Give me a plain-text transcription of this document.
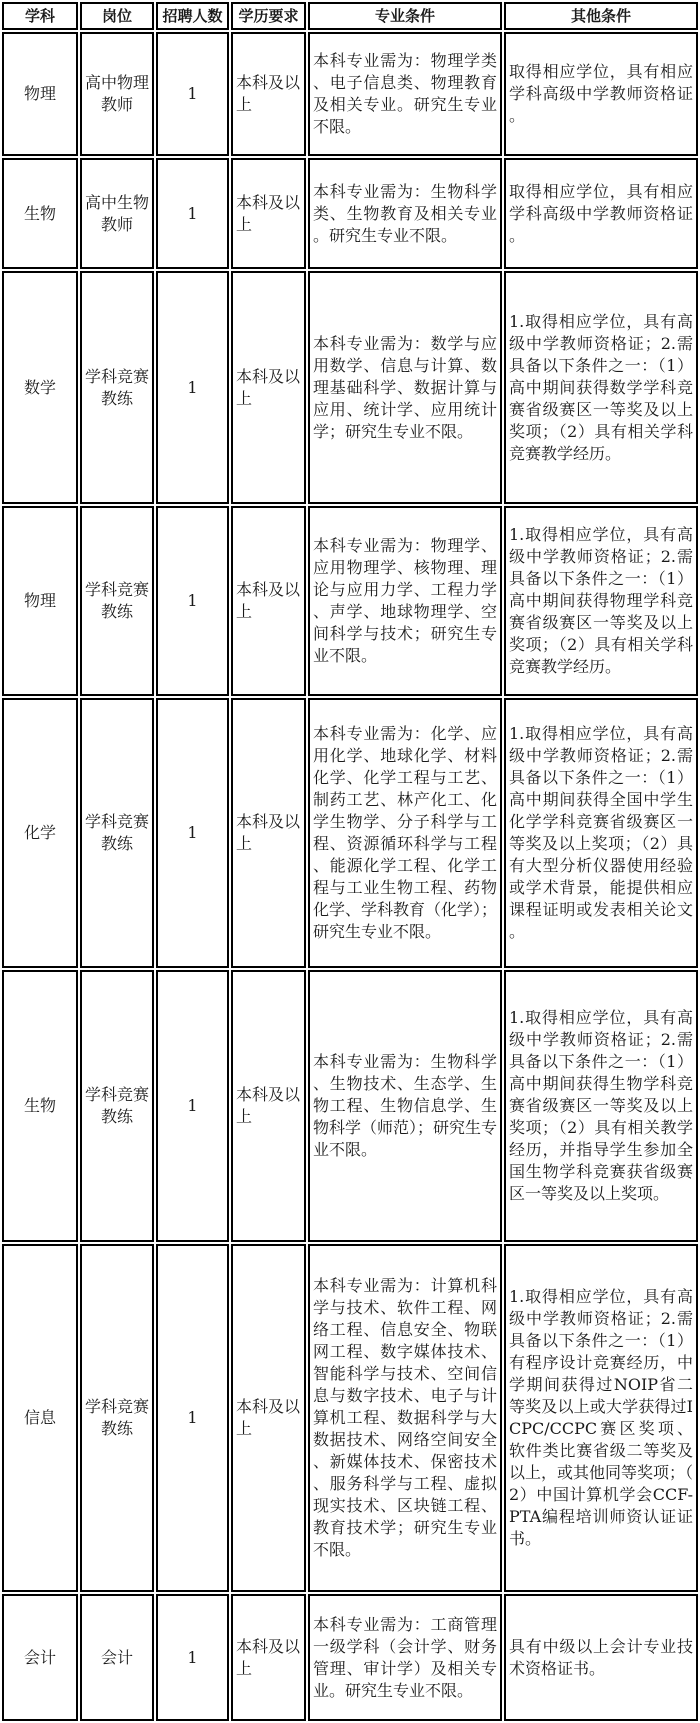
学科	岗位	招聘人数	学历要求	专业条件	其他条件
物理	高中物理教师	1	本科及以上	本科专业需为：物理学类、电子信息类、物理教育及相关专业。研究生专业不限。	取得相应学位，具有相应学科高级中学教师资格证。
生物	高中生物教师	1	本科及以上	本科专业需为：生物科学类、生物教育及相关专业。研究生专业不限。	取得相应学位，具有相应学科高级中学教师资格证。
数学	学科竞赛教练	1	本科及以上	本科专业需为：数学与应用数学、信息与计算、数理基础科学、数据计算与应用、统计学、应用统计学；研究生专业不限。	1.取得相应学位，具有高级中学教师资格证；2.需具备以下条件之一：（1）高中期间获得数学学科竞赛省级赛区一等奖及以上奖项；（2）具有相关学科竞赛教学经历。
物理	学科竞赛教练	1	本科及以上	本科专业需为：物理学、应用物理学、核物理、理论与应用力学、工程力学、声学、地球物理学、空间科学与技术；研究生专业不限。	1.取得相应学位，具有高级中学教师资格证；2.需具备以下条件之一：（1）高中期间获得物理学科竞赛省级赛区一等奖及以上奖项；（2）具有相关学科竞赛教学经历。
化学	学科竞赛教练	1	本科及以上	本科专业需为：化学、应用化学、地球化学、材料化学、化学工程与工艺、制药工艺、林产化工、化学生物学、分子科学与工程、资源循环科学与工程、能源化学工程、化学工程与工业生物工程、药物化学、学科教育（化学）；研究生专业不限。	1.取得相应学位，具有高级中学教师资格证；2.需具备以下条件之一：（1）高中期间获得全国中学生化学学科竞赛省级赛区一等奖及以上奖项；（2）具有大型分析仪器使用经验或学术背景，能提供相应课程证明或发表相关论文。
生物	学科竞赛教练	1	本科及以上	本科专业需为：生物科学、生物技术、生态学、生物工程、生物信息学、生物科学（师范）；研究生专业不限。	1.取得相应学位，具有高级中学教师资格证；2.需具备以下条件之一：（1）高中期间获得生物学科竞赛省级赛区一等奖及以上奖项；（2）具有相关教学经历，并指导学生参加全国生物学科竞赛获省级赛区一等奖及以上奖项。
信息	学科竞赛教练	1	本科及以上	本科专业需为：计算机科学与技术、软件工程、网络工程、信息安全、物联网工程、数字媒体技术、智能科学与技术、空间信息与数字技术、电子与计算机工程、数据科学与大数据技术、网络空间安全、新媒体技术、保密技术、服务科学与工程、虚拟现实技术、区块链工程、教育技术学；研究生专业不限。	1.取得相应学位，具有高级中学教师资格证；2.需具备以下条件之一：（1）有程序设计竞赛经历，中学期间获得过NOIP省二等奖及以上或大学获得过ICPC/CCPC赛区奖项、软件类比赛省级二等奖及以上，或其他同等奖项；（2）中国计算机学会CCF- PTA编程培训师资认证证书。
会计	会计	1	本科及以上	本科专业需为：工商管理一级学科（会计学、财务管理、审计学）及相关专业。研究生专业不限。	具有中级以上会计专业技术资格证书。
